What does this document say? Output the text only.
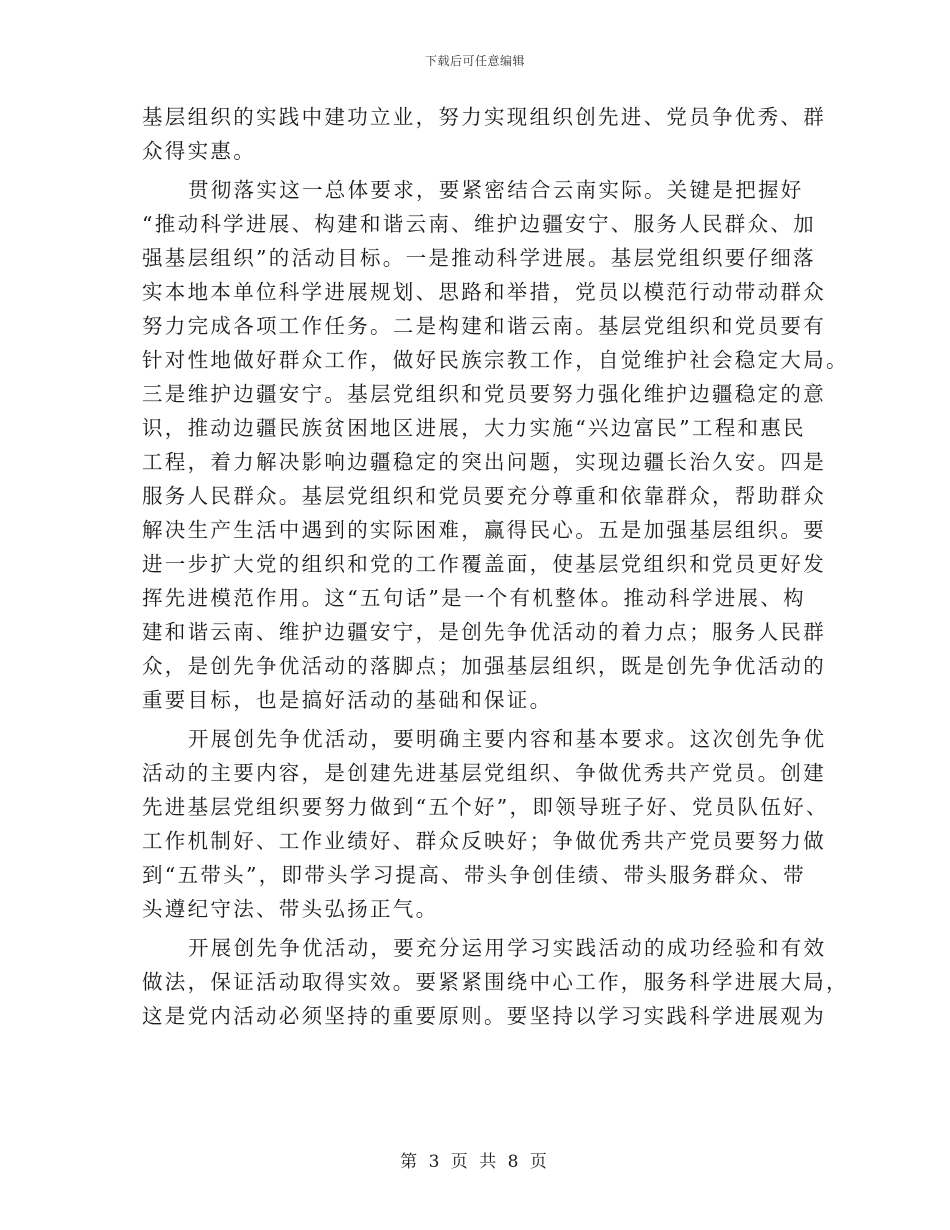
下载后可任意编辑
基层组织的实践中建功立业，努力实现组织创先进、党员争优秀、群
众得实惠。
贯彻落实这一总体要求，要紧密结合云南实际。关键是把握好
“推动科学进展、构建和谐云南、维护边疆安宁、服务人民群众、加
强基层组织”的活动目标。一是推动科学进展。基层党组织要仔细落
实本地本单位科学进展规划、思路和举措，党员以模范行动带动群众
努力完成各项工作任务。二是构建和谐云南。基层党组织和党员要有
针对性地做好群众工作，做好民族宗教工作，自觉维护社会稳定大局。
三是维护边疆安宁。基层党组织和党员要努力强化维护边疆稳定的意
识，推动边疆民族贫困地区进展，大力实施“兴边富民”工程和惠民
工程，着力解决影响边疆稳定的突出问题，实现边疆长治久安。四是
服务人民群众。基层党组织和党员要充分尊重和依靠群众，帮助群众
解决生产生活中遇到的实际困难，赢得民心。五是加强基层组织。要
进一步扩大党的组织和党的工作覆盖面，使基层党组织和党员更好发
挥先进模范作用。这“五句话”是一个有机整体。推动科学进展、构
建和谐云南、维护边疆安宁，是创先争优活动的着力点；服务人民群
众，是创先争优活动的落脚点；加强基层组织，既是创先争优活动的
重要目标，也是搞好活动的基础和保证。
开展创先争优活动，要明确主要内容和基本要求。这次创先争优
活动的主要内容，是创建先进基层党组织、争做优秀共产党员。创建
先进基层党组织要努力做到“五个好”，即领导班子好、党员队伍好、
工作机制好、工作业绩好、群众反映好；争做优秀共产党员要努力做
到“五带头”，即带头学习提高、带头争创佳绩、带头服务群众、带
头遵纪守法、带头弘扬正气。
开展创先争优活动，要充分运用学习实践活动的成功经验和有效
做法，保证活动取得实效。要紧紧围绕中心工作，服务科学进展大局，
这是党内活动必须坚持的重要原则。要坚持以学习实践科学进展观为
第 3 页 共 8 页
